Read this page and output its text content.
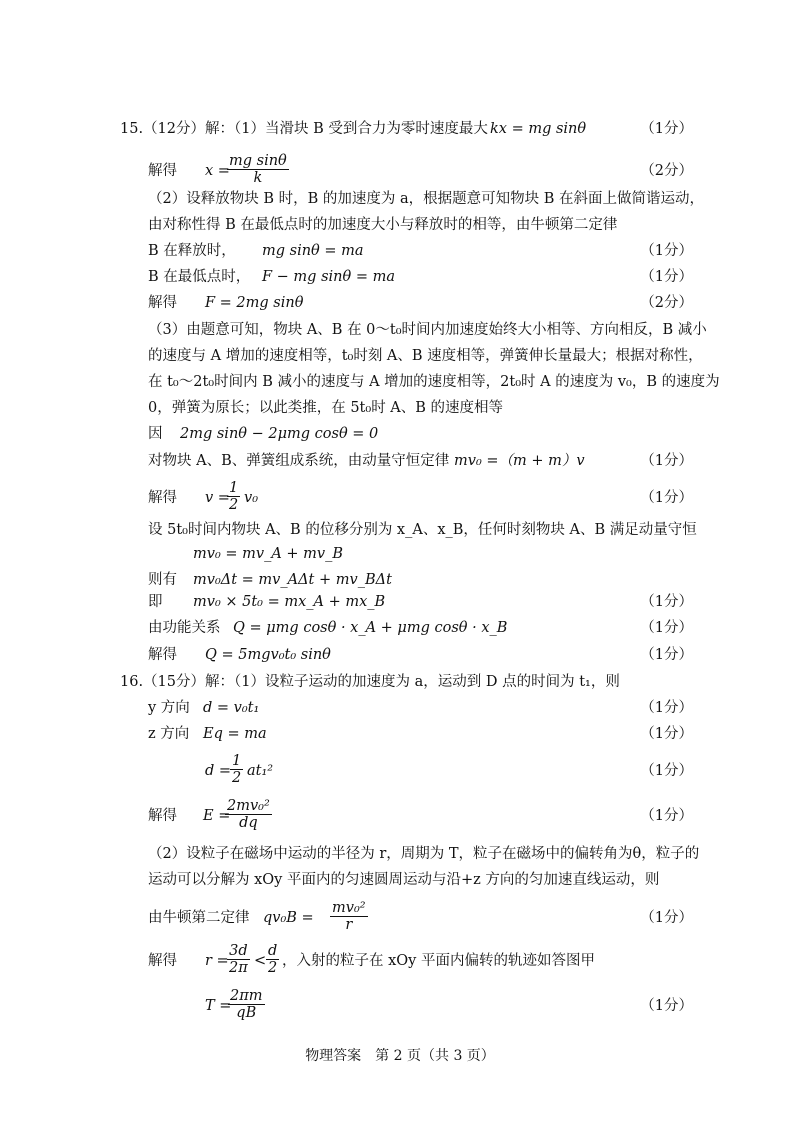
15.（12分）解：（1）当滑块 B 受到合力为零时速度最大 kx = mg sinθ	（1分）
解得 x =
$\frac{\text{mg sinθ}}{k}$	（2分）
（2）设释放物块 B 时，B 的加速度为 a，根据题意可知物块 B 在斜面上做简谐运动，
由对称性得 B 在最低点时的加速度大小与释放时的相等，由牛顿第二定律
B 在释放时， mg sinθ = ma	（1分）
B 在最低点时， F − mg sinθ = ma	（1分）
解得 F = 2mg sinθ	（2分）
（3）由题意可知，物块 A、B 在 0～t₀时间内加速度始终大小相等、方向相反，B 减小
的速度与 A 增加的速度相等，t₀时刻 A、B 速度相等，弹簧伸长量最大；根据对称性，
在 t₀～2t₀时间内 B 减小的速度与 A 增加的速度相等，2t₀时 A 的速度为 v₀，B 的速度为
0，弹簧为原长；以此类推，在 5t₀时 A、B 的速度相等
因 2mg sinθ − 2μmg cosθ = 0
对物块 A、B、弹簧组成系统，由动量守恒定律 mv₀ =（m + m）v	（1分）
解得 v =
$\frac{1}{2} v_0$	（1分）
设 5t₀时间内物块 A、B 的位移分别为 x_A、x_B，任何时刻物块 A、B 满足动量守恒
mv₀ = mv_A + mv_B
则有 mv₀Δt = mv_AΔt + mv_BΔt
即 mv₀ × 5t₀ = mx_A + mx_B	（1分）
由功能关系 Q = μmg cosθ · x_A + μmg cosθ · x_B	（1分）
解得 Q = 5mgv₀t₀ sinθ	（1分）
16.（15分）解：（1）设粒子运动的加速度为 a，运动到 D 点的时间为 t₁，则
y 方向 d = v₀t₁	（1分）
z 方向 Eq = ma	（1分）
d =
$\frac{1}{2} at_1^2$	（1分）
解得 E =
$\frac{\text{2mv₀²}}{dq}$	（1分）
（2）设粒子在磁场中运动的半径为 r，周期为 T，粒子在磁场中的偏转角为θ，粒子的
运动可以分解为 xOy 平面内的匀速圆周运动与沿+z 方向的匀加速直线运动，则
由牛顿第二定律 $qv_0B = \frac{\text{mv₀²}}{r}$	（1分）
解得 r =
$\frac{3d}{2\pi} < \frac{d}{2}$ ，入射的粒子在 xOy 平面内偏转的轨迹如答图甲
T =
$\frac{2\pi m}{qB}$	（1分）
物理答案　第 2 页（共 3 页）
